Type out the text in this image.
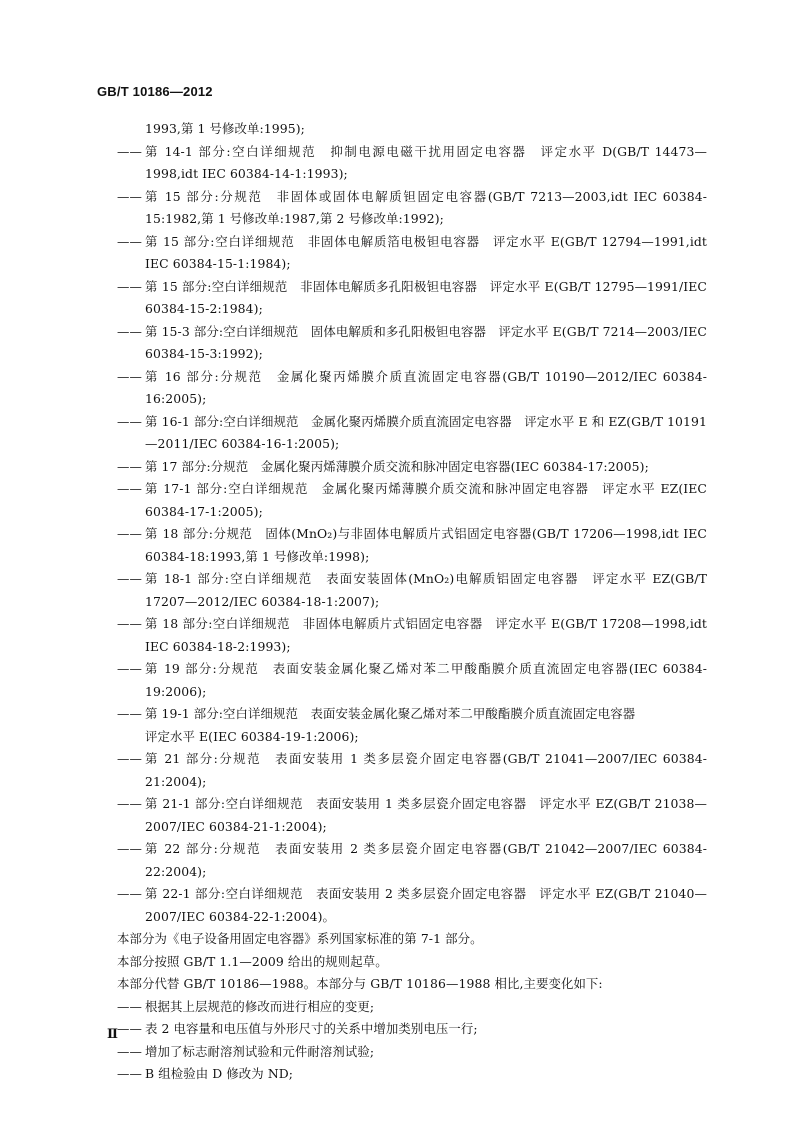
GB/T 10186—2012
1993,第 1 号修改单:1995);
—— 第 14-1 部分:空白详细规范　抑制电源电磁干扰用固定电容器　评定水平 D(GB/T 14473—1998,idt IEC 60384-14-1:1993);
—— 第 15 部分:分规范　非固体或固体电解质钽固定电容器(GB/T 7213—2003,idt IEC 60384-15:1982,第 1 号修改单:1987,第 2 号修改单:1992);
—— 第 15 部分:空白详细规范　非固体电解质箔电极钽电容器　评定水平 E(GB/T 12794—1991,idt IEC 60384-15-1:1984);
—— 第 15 部分:空白详细规范　非固体电解质多孔阳极钽电容器　评定水平 E(GB/T 12795—1991/IEC 60384-15-2:1984);
—— 第 15-3 部分:空白详细规范　固体电解质和多孔阳极钽电容器　评定水平 E(GB/T 7214—2003/IEC 60384-15-3:1992);
—— 第 16 部分:分规范　金属化聚丙烯膜介质直流固定电容器(GB/T 10190—2012/IEC 60384-16:2005);
—— 第 16-1 部分:空白详细规范　金属化聚丙烯膜介质直流固定电容器　评定水平 E 和 EZ(GB/T 10191—2011/IEC 60384-16-1:2005);
—— 第 17 部分:分规范　金属化聚丙烯薄膜介质交流和脉冲固定电容器(IEC 60384-17:2005);
—— 第 17-1 部分:空白详细规范　金属化聚丙烯薄膜介质交流和脉冲固定电容器　评定水平 EZ(IEC 60384-17-1:2005);
—— 第 18 部分:分规范　固体(MnO₂)与非固体电解质片式铝固定电容器(GB/T 17206—1998,idt IEC 60384-18:1993,第 1 号修改单:1998);
—— 第 18-1 部分:空白详细规范　表面安装固体(MnO₂)电解质铝固定电容器　评定水平 EZ(GB/T 17207—2012/IEC 60384-18-1:2007);
—— 第 18 部分:空白详细规范　非固体电解质片式铝固定电容器　评定水平 E(GB/T 17208—1998,idt IEC 60384-18-2:1993);
—— 第 19 部分:分规范　表面安装金属化聚乙烯对苯二甲酸酯膜介质直流固定电容器(IEC 60384-19:2006);
—— 第 19-1 部分:空白详细规范　表面安装金属化聚乙烯对苯二甲酸酯膜介质直流固定电容器
评定水平 E(IEC 60384-19-1:2006);
—— 第 21 部分:分规范　表面安装用 1 类多层瓷介固定电容器(GB/T 21041—2007/IEC 60384-21:2004);
—— 第 21-1 部分:空白详细规范　表面安装用 1 类多层瓷介固定电容器　评定水平 EZ(GB/T 21038—2007/IEC 60384-21-1:2004);
—— 第 22 部分:分规范　表面安装用 2 类多层瓷介固定电容器(GB/T 21042—2007/IEC 60384-22:2004);
—— 第 22-1 部分:空白详细规范　表面安装用 2 类多层瓷介固定电容器　评定水平 EZ(GB/T 21040—2007/IEC 60384-22-1:2004)。
本部分为《电子设备用固定电容器》系列国家标准的第 7-1 部分。
本部分按照 GB/T 1.1—2009 给出的规则起草。
本部分代替 GB/T 10186—1988。本部分与 GB/T 10186—1988 相比,主要变化如下:
—— 根据其上层规范的修改而进行相应的变更;
—— 表 2 电容量和电压值与外形尺寸的关系中增加类别电压一行;
—— 增加了标志耐溶剂试验和元件耐溶剂试验;
—— B 组检验由 D 修改为 ND;
Ⅱ
